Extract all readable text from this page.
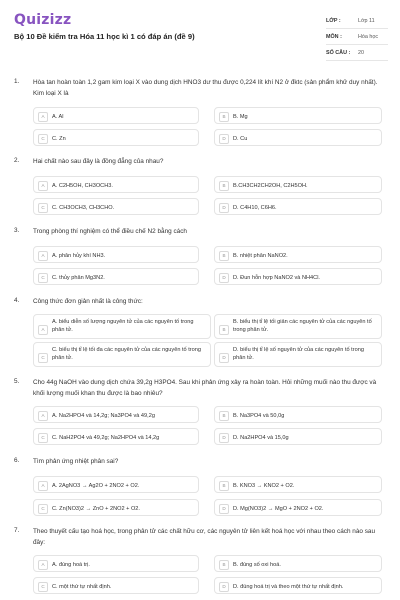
Quizizz
Bộ 10 Đề kiểm tra Hóa 11 học kì 1 có đáp án (đề 9)
LỚP :	Lớp 11
MÔN :	Hóa học
SỐ CÂU :	20
1. Hòa tan hoàn toàn 1,2 gam kim loại X vào dung dịch HNO3 dư thu được 0,224 lít khí N2 ở đktc (sản phẩm khử duy nhất). Kim loại X là
A	A. Al	B	B. Mg
C	C. Zn	D	D. Cu
2. Hai chất nào sau đây là đồng đẳng của nhau?
A	A. C2H5OH, CH3OCH3.	B	B.CH3CH2CH2OH, C2H5OH.
C	C. CH3OCH3, CH3CHO.	D	D. C4H10, C6H6.
3. Trong phòng thí nghiệm có thể điều chế N2 bằng cách
A	A. phân hủy khí NH3.	B	B. nhiệt phân NaNO2.
C	C. thủy phân Mg3N2.	D	D. Đun hỗn hợp NaNO2 và NH4Cl.
4. Công thức đơn giản nhất là công thức:
A
A. biểu diễn số lượng nguyên tử của các nguyên tố trong phân tử.	B
B. biểu thị tỉ lệ tối giản các nguyên tử của các nguyên tố trong phân tử.
C
C. biểu thị tỉ lệ tối đa các nguyên tử của các nguyên tố trong phân tử.	D
D. biểu thị tỉ lệ số nguyên tử của các nguyên tố trong phân tử.
5. Cho 44g NaOH vào dung dịch chứa 39,2g H3PO4. Sau khi phản ứng xảy ra hoàn toàn. Hỏi những muối nào thu được và khối lượng muối khan thu được là bao nhiêu?
A	A. Na2HPO4 và 14,2g; Na3PO4 và 49,2g	B	B. Na3PO4 và 50,0g
C	C. NaH2PO4 và 49,2g; Na2HPO4 và 14,2g	D	D. Na2HPO4 và 15,0g
6. Tìm phản ứng nhiệt phân sai?
A	A. 2AgNO3 → Ag2O + 2NO2 + O2.	B	B. KNO3 → KNO2 + O2.
C	C. Zn(NO3)2 → ZnO + 2NO2 + O2.	D	D. Mg(NO3)2 → MgO + 2NO2 + O2.
7. Theo thuyết cấu tạo hoá học, trong phân tử các chất hữu cơ, các nguyên tử liên kết hoá học với nhau theo cách nào sau đây:
A	A. đúng hoá trị.	B	B. đúng số oxi hoá.
C	C. một thứ tự nhất định.	D	D. đúng hoá trị và theo một thứ tự nhất định.
